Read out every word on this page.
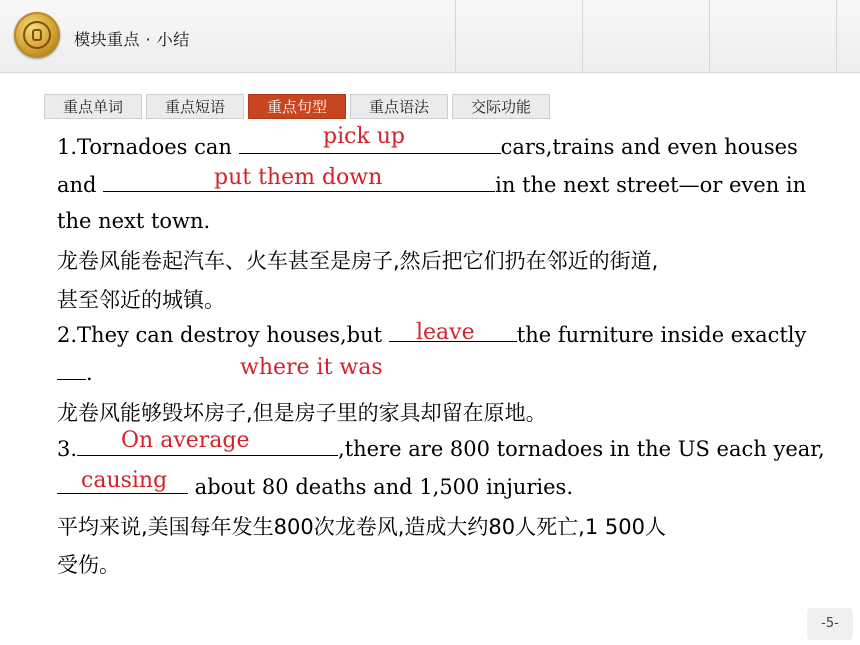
模块重点 · 小结
重点单词	重点短语	重点句型	重点语法	交际功能
1.Tornadoes can	cars,trains and even houses
pick up
and	in the next street—or even in
put them down
the next town.
龙卷风能卷起汽车、火车甚至是房子,然后把它们扔在邻近的街道,
甚至邻近的城镇。
2.They can destroy houses,but	the furniture inside exactly
leave
.	where it was
龙卷风能够毁坏房子,但是房子里的家具却留在原地。
3.	,there are 800 tornadoes in the US each year,
On average
about 80 deaths and 1,500 injuries.
causing
平均来说,美国每年发生800次龙卷风,造成大约80人死亡,1 500人
受伤。
-5-
